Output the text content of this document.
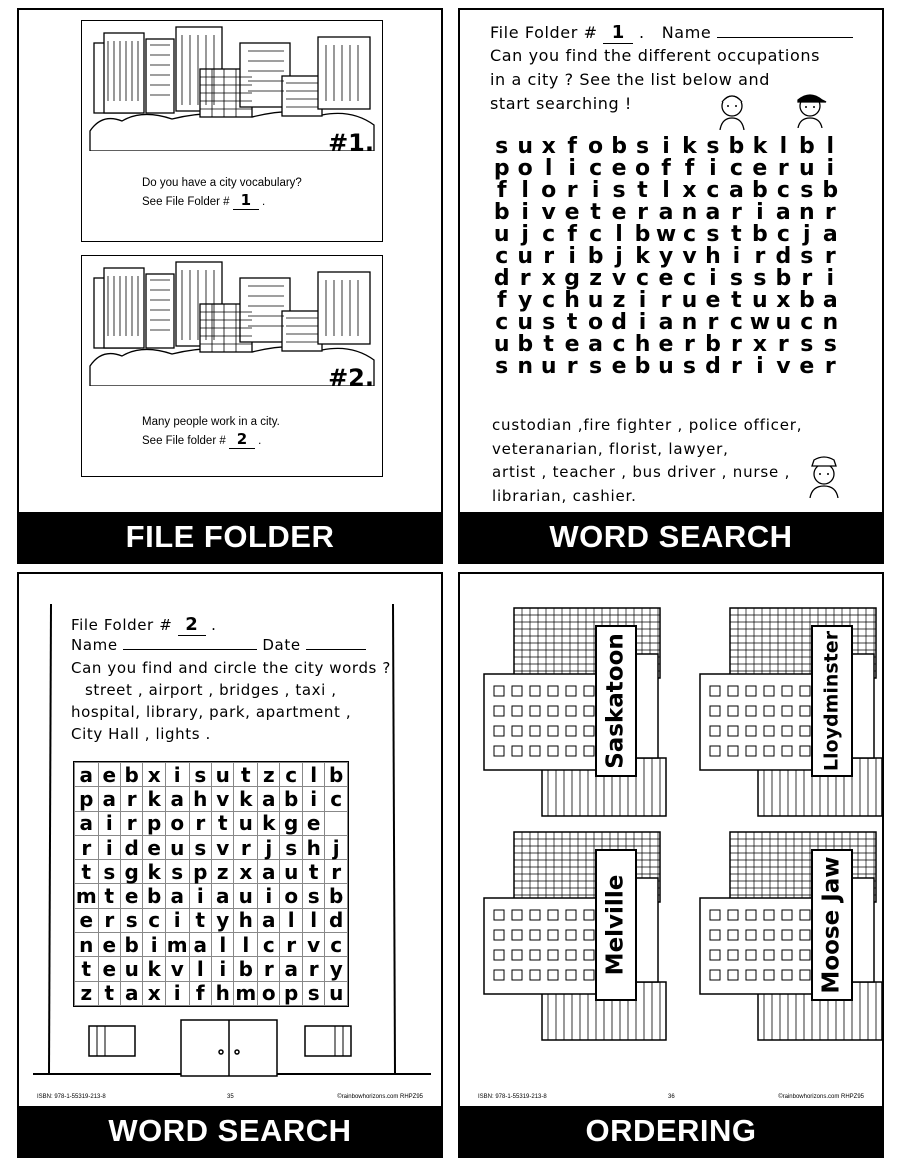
#1.
Do you have a city vocabulary?
See File Folder # 1 .
#2.
Many people work in a city.
See File folder # 2 .
FILE FOLDER
File Folder # 1 .   Name
Can you find the different occupations
in a city ? See the list below and
start searching !
s u x f o b s i k s b k l b l
p o l i c e o f f i c e r u i
f l o r i s t l x c a b c s b
b i v e t e r a n a r i a n r
u j c f c l b w c s t b c j a
c u r i b j k y v h i r d s r
d r x g z v c e c i s s b r i
f y c h u z i r u e t u x b a
c u s t o d i a n r c w u c n
u b t e a c h e r b r x r s s
s n u r s e b u s d r i v e r
custodian ,fire fighter , police officer,
veteranarian, florist, lawyer,
artist , teacher , bus driver , nurse ,
librarian, cashier.
WORD SEARCH
File Folder # 2 .
Name	Date
Can you find and circle the city words ?
street , airport , bridges , taxi ,
hospital, library, park, apartment ,
City Hall , lights .
a	e	b	x	i	s	u	t	z	c	l	b
p	a	r	k	a	h	v	k	a	b	i	c
a	i	r	p	o	r	t	u	k	g	e	
r	i	d	e	u	s	v	r	j	s	h	j
t	s	g	k	s	p	z	x	a	u	t	r
m	t	e	b	a	i	a	u	i	o	s	b
e	r	s	c	i	t	y	h	a	l	l	d
n	e	b	i	m	a	l	l	c	r	v	c
t	e	u	k	v	l	i	b	r	a	r	y
z	t	a	x	i	f	h	m	o	p	s	u
ISBN: 978-1-55319-213-8	35	©rainbowhorizons.com RHPZ95
WORD SEARCH
Saskatoon	Lloydminster
Melville	Moose Jaw
ISBN: 978-1-55319-213-8	36	©rainbowhorizons.com RHPZ95
ORDERING
